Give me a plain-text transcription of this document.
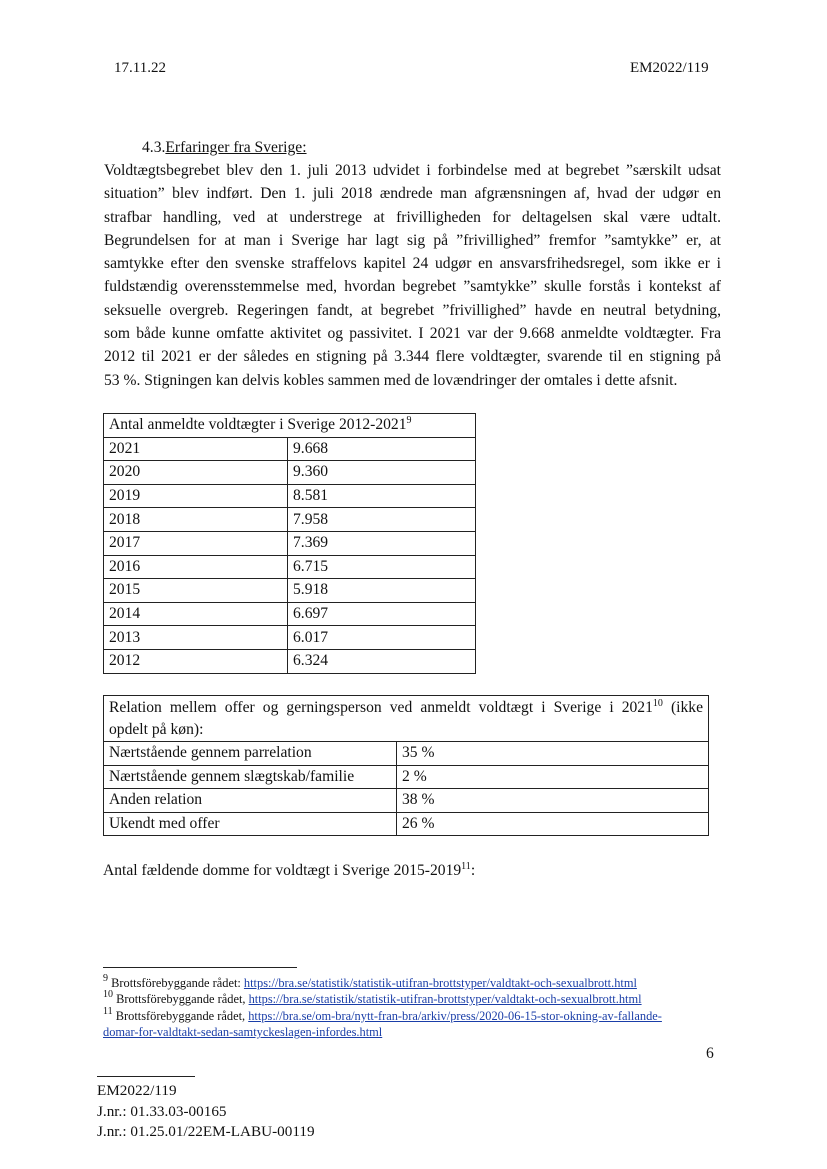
17.11.22	EM2022/119
4.3.Erfaringer fra Sverige:
Voldtægtsbegrebet blev den 1. juli 2013 udvidet i forbindelse med at begrebet ”særskilt udsat
situation” blev indført. Den 1. juli 2018 ændrede man afgrænsningen af, hvad der udgør en
strafbar handling, ved at understrege at frivilligheden for deltagelsen skal være udtalt.
Begrundelsen for at man i Sverige har lagt sig på ”frivillighed” fremfor ”samtykke” er, at
samtykke efter den svenske straffelovs kapitel 24 udgør en ansvarsfrihedsregel, som ikke er i
fuldstændig overensstemmelse med, hvordan begrebet ”samtykke” skulle forstås i kontekst af
seksuelle overgreb. Regeringen fandt, at begrebet ”frivillighed” havde en neutral betydning,
som både kunne omfatte aktivitet og passivitet. I 2021 var der 9.668 anmeldte voldtægter. Fra
2012 til 2021 er der således en stigning på 3.344 flere voldtægter, svarende til en stigning på
53 %. Stigningen kan delvis kobles sammen med de lovændringer der omtales i dette afsnit.
Antal anmeldte voldtægter i Sverige 2012-2021$^9$
2021	9.668
2020	9.360
2019	8.581
2018	7.958
2017	7.369
2016	6.715
2015	5.918
2014	6.697
2013	6.017
2012	6.324
Relation mellem offer og gerningsperson ved anmeldt voldtægt i Sverige i 2021$^{10}$ (ikke
opdelt på køn):	

Nærtstående gennem parrelation	35 %
Nærtstående gennem slægtskab/familie	2 %
Anden relation	38 %
Ukendt med offer	26 %
Antal fældende domme for voldtægt i Sverige 2015-2019$^{11}$:
$^9$ Brottsförebyggande rådet: https://bra.se/statistik/statistik-utifran-brottstyper/valdtakt-och-sexualbrott.html
$^{10}$ Brottsförebyggande rådet, https://bra.se/statistik/statistik-utifran-brottstyper/valdtakt-och-sexualbrott.html
$^{11}$ Brottsförebyggande rådet, https://bra.se/om-bra/nytt-fran-bra/arkiv/press/2020-06-15-stor-okning-av-fallande-
domar-for-valdtakt-sedan-samtyckeslagen-infordes.html
6
EM2022/119
J.nr.: 01.33.03-00165
J.nr.: 01.25.01/22EM-LABU-00119
